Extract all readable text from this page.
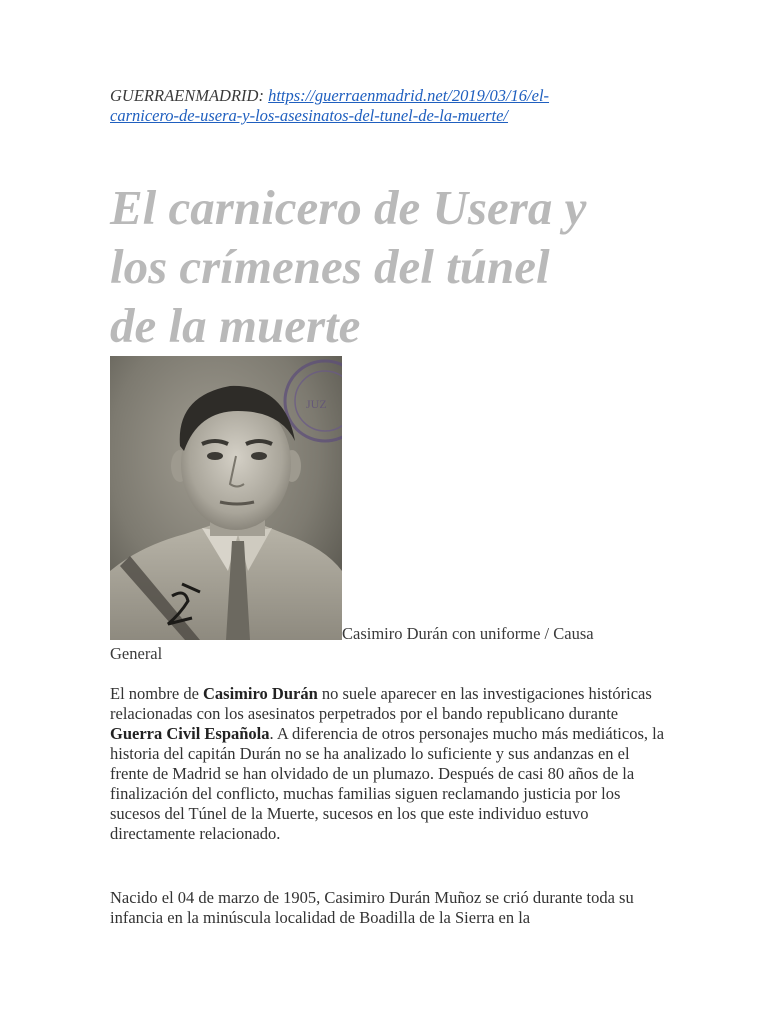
GUERRAENMADRID: https://guerraenmadrid.net/2019/03/16/el-
carnicero-de-usera-y-los-asesinatos-del-tunel-de-la-muerte/
El carnicero de Usera y
los crímenes del túnel
de la muerte
JUZ
Casimiro Durán con uniforme / Causa
General

El nombre de Casimiro Durán no suele aparecer en las investigaciones históricas relacionadas con los asesinatos perpetrados por el bando republicano durante Guerra Civil Española. A diferencia de otros personajes mucho más mediáticos, la historia del capitán Durán no se ha analizado lo suficiente y sus andanzas en el frente de Madrid se han olvidado de un plumazo. Después de casi 80 años de la finalización del conflicto, muchas familias siguen reclamando justicia por los sucesos del Túnel de la Muerte, sucesos en los que este individuo estuvo directamente relacionado.

Nacido el 04 de marzo de 1905, Casimiro Durán Muñoz se crió durante toda su infancia en la minúscula localidad de Boadilla de la Sierra en la
